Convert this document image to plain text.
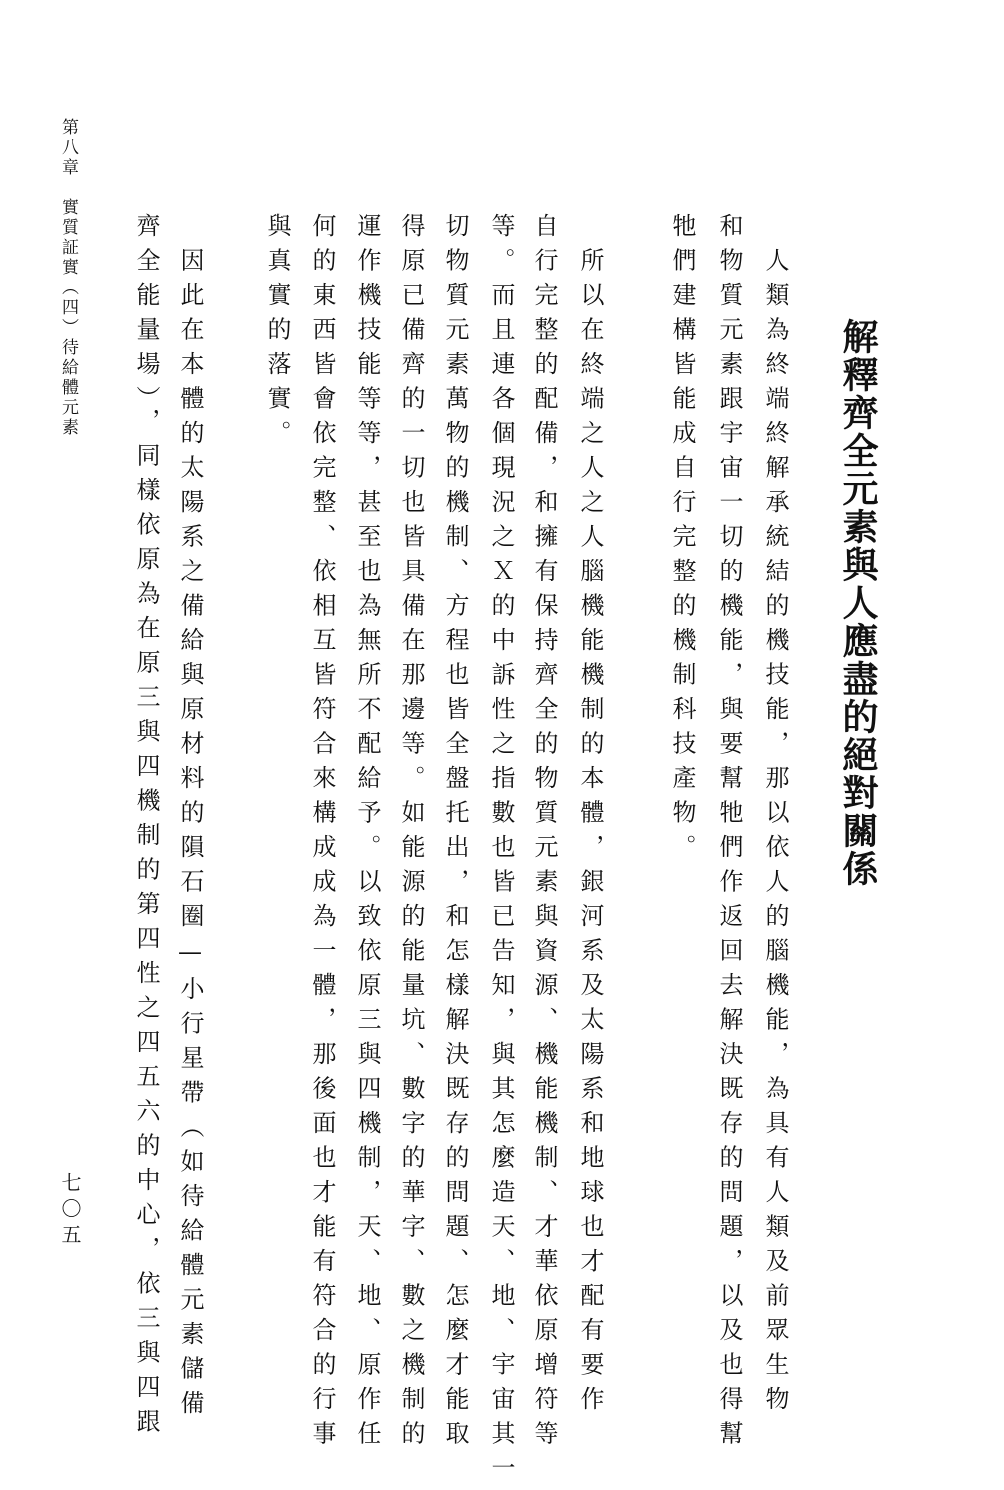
解釋齊全元素與人應盡的絕對關係

　人類為終端終解承統結的機技能，那以依人的腦機能，為具有人類及前眾生物

和物質元素跟宇宙一切的機能，與要幫牠們作返回去解決既存的問題，以及也得幫

牠們建構皆能成自行完整的機制科技產物。

　所以在終端之人之人腦機能機制的本體，銀河系及太陽系和地球也才配有要作

自行完整的配備，和擁有保持齊全的物質元素與資源、機能機制、才華依原增符等

等。而且連各個現況之Ｘ的中訴性之指數也皆已告知，與其怎麼造天、地、宇宙其一

切物質元素萬物的機制、方程也皆全盤托出，和怎樣解決既存的問題、怎麼才能取

得原已備齊的一切也皆具備在那邊等。如能源的能量坑、數字的華字、數之機制的

運作機技能等等，甚至也為無所不配給予。以致依原三與四機制，天、地、原作任

何的東西皆會依完整、依相互皆符合來構成成為一體，那後面也才能有符合的行事

與真實的落實。

　因此在本體的太陽系之備給與原材料的隕石圈—小行星帶（如待給體元素儲備

齊全能量場），同樣依原為在原三與四機制的第四性之四五六的中心，依三與四跟

第八章　實質証實（四）待給體元素
七〇五
